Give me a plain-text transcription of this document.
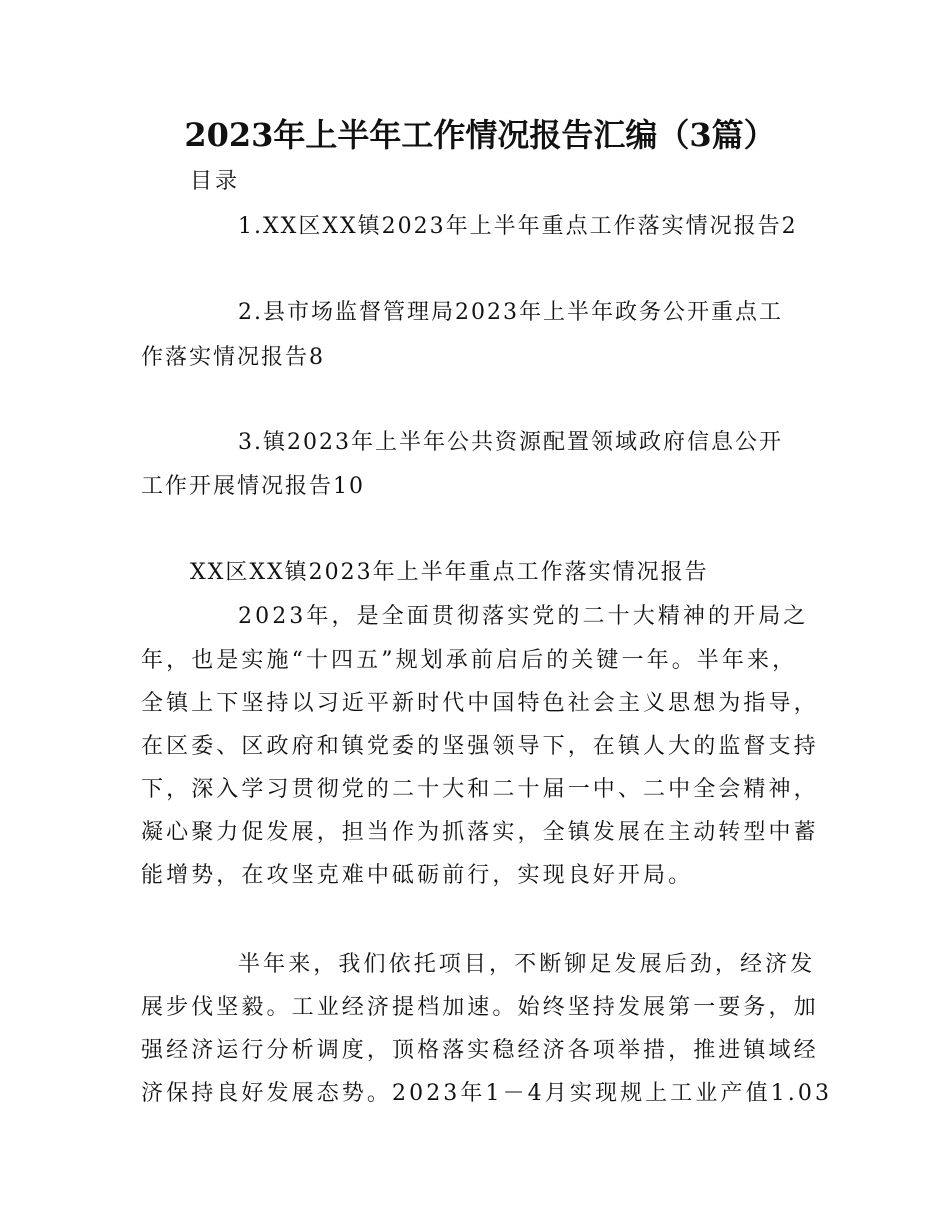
2023年上半年工作情况报告汇编（3篇）
目录
1.XX区XX镇2023年上半年重点工作落实情况报告2
2.县市场监督管理局2023年上半年政务公开重点工
作落实情况报告8
3.镇2023年上半年公共资源配置领域政府信息公开
工作开展情况报告10
XX区XX镇2023年上半年重点工作落实情况报告
2023年，是全面贯彻落实党的二十大精神的开局之
年，也是实施“十四五”规划承前启后的关键一年。半年来，
全镇上下坚持以习近平新时代中国特色社会主义思想为指导，
在区委、区政府和镇党委的坚强领导下，在镇人大的监督支持
下，深入学习贯彻党的二十大和二十届一中、二中全会精神，
凝心聚力促发展，担当作为抓落实，全镇发展在主动转型中蓄
能增势，在攻坚克难中砥砺前行，实现良好开局。
半年来，我们依托项目，不断铆足发展后劲，经济发
展步伐坚毅。工业经济提档加速。始终坚持发展第一要务，加
强经济运行分析调度，顶格落实稳经济各项举措，推进镇域经
济保持良好发展态势。2023年1－4月实现规上工业产值1.03
